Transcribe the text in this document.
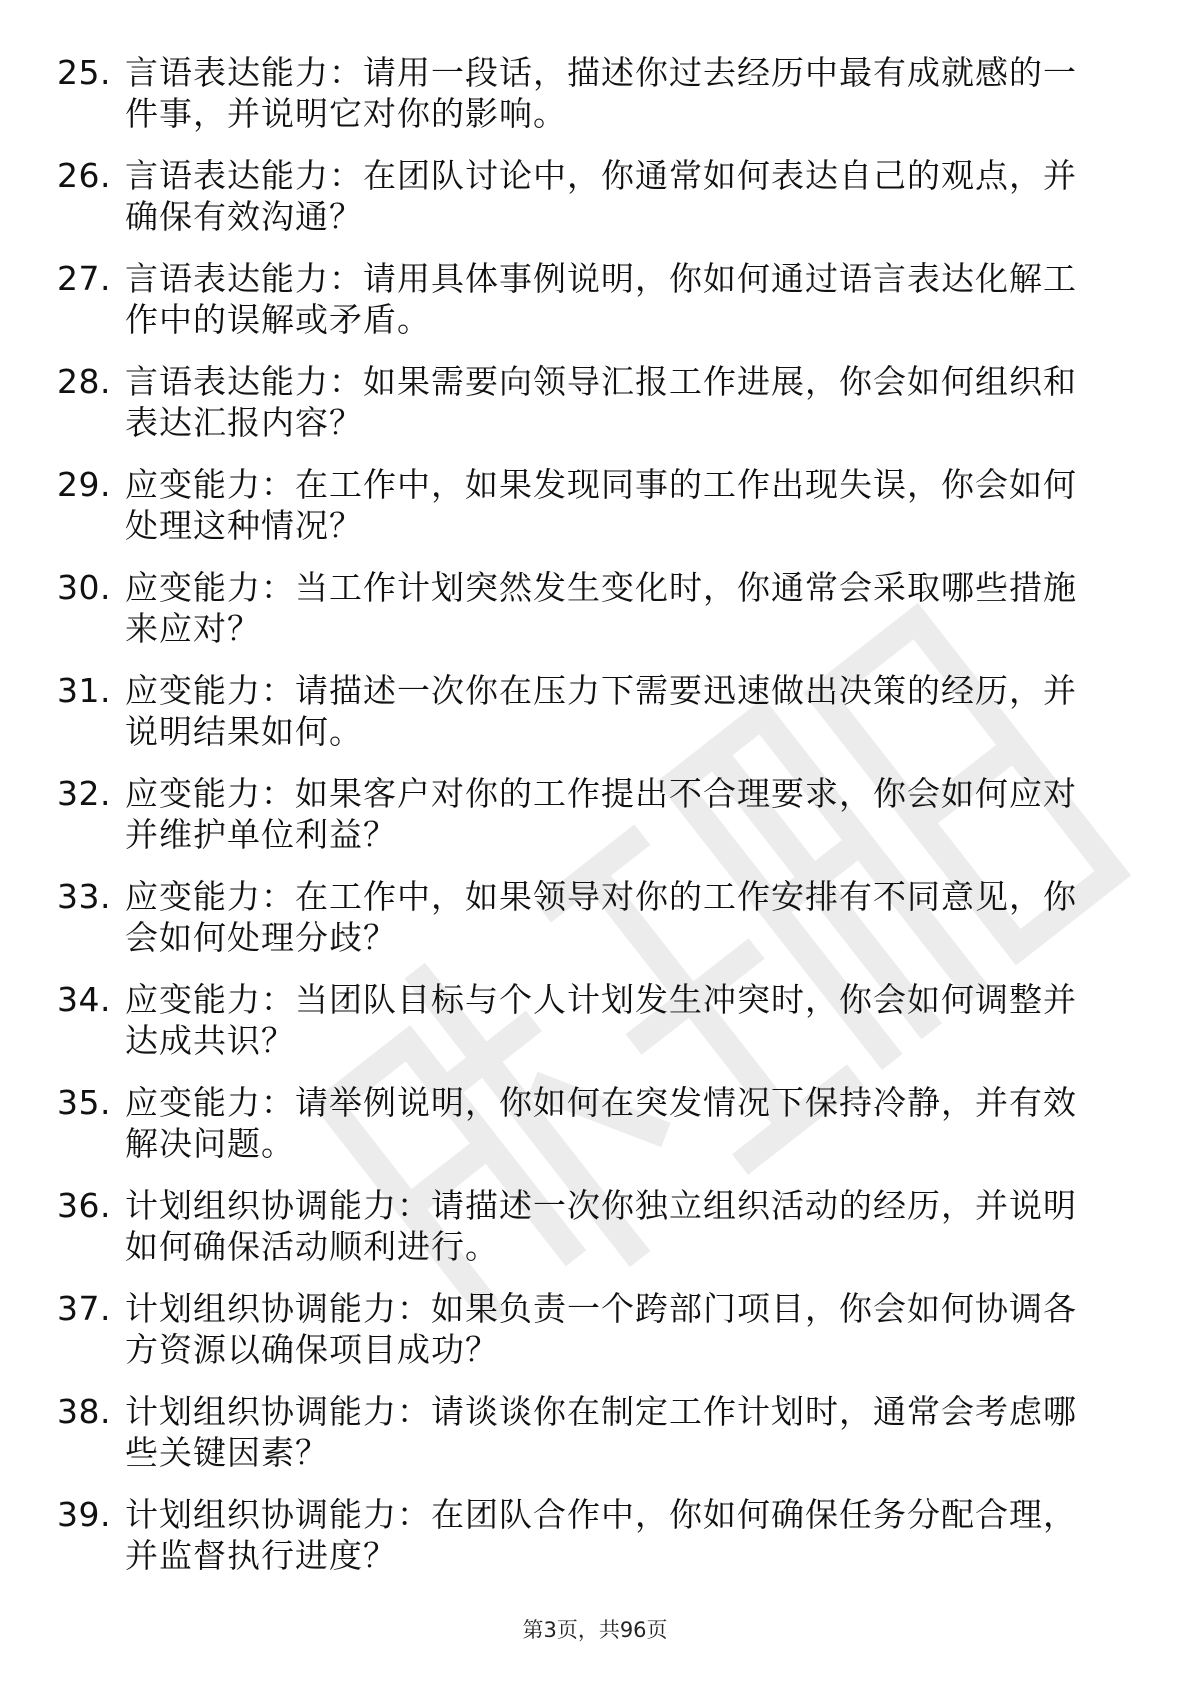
25. 言语表达能力：请用一段话，描述你过去经历中最有成就感的一
件事，并说明它对你的影响。
26. 言语表达能力：在团队讨论中，你通常如何表达自己的观点，并
确保有效沟通？
27. 言语表达能力：请用具体事例说明，你如何通过语言表达化解工
作中的误解或矛盾。
28. 言语表达能力：如果需要向领导汇报工作进展，你会如何组织和
表达汇报内容？
29. 应变能力：在工作中，如果发现同事的工作出现失误，你会如何
处理这种情况？
30. 应变能力：当工作计划突然发生变化时，你通常会采取哪些措施
来应对？
31. 应变能力：请描述一次你在压力下需要迅速做出决策的经历，并
说明结果如何。
32. 应变能力：如果客户对你的工作提出不合理要求，你会如何应对
并维护单位利益？
33. 应变能力：在工作中，如果领导对你的工作安排有不同意见，你
会如何处理分歧？
34. 应变能力：当团队目标与个人计划发生冲突时，你会如何调整并
达成共识？
35. 应变能力：请举例说明，你如何在突发情况下保持冷静，并有效
解决问题。
36. 计划组织协调能力：请描述一次你独立组织活动的经历，并说明
如何确保活动顺利进行。
37. 计划组织协调能力：如果负责一个跨部门项目，你会如何协调各
方资源以确保项目成功？
38. 计划组织协调能力：请谈谈你在制定工作计划时，通常会考虑哪
些关键因素？
39. 计划组织协调能力：在团队合作中，你如何确保任务分配合理，
并监督执行进度？
第3页，共96页
